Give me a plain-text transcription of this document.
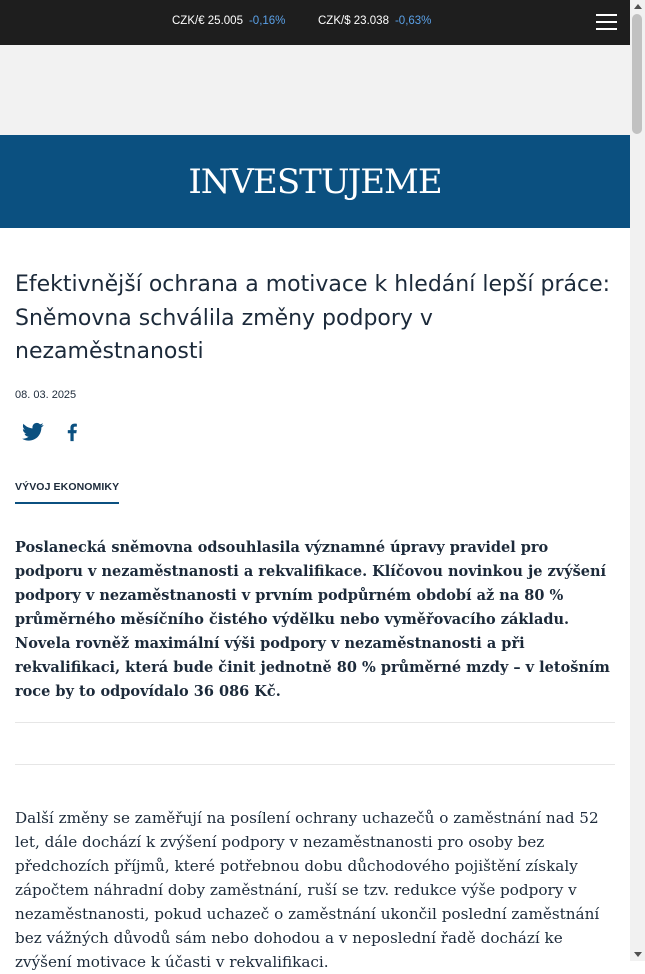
CZK/€ 25.005 -0,16%	CZK/$ 23.038 -0,63%
INVESTUJEME
Efektivnější ochrana a motivace k hledání lepší práce: Sněmovna schválila změny podpory v nezaměstnanosti
08. 03. 2025
VÝVOJ EKONOMIKY

Poslanecká sněmovna odsouhlasila významné úpravy pravidel pro podporu v nezaměstnanosti a rekvalifikace. Klíčovou novinkou je zvýšení podpory v nezaměstnanosti v prvním podpůrném období až na 80 % průměrného měsíčního čistého výdělku nebo vyměřovacího základu. Novela rovněž maximální výši podpory v nezaměstnanosti a při rekvalifikaci, která bude činit jednotně 80 % průměrné mzdy – v letošním roce by to odpovídalo 36 086 Kč.

Další změny se zaměřují na posílení ochrany uchazečů o zaměstnání nad 52 let, dále dochází k zvýšení podpory v nezaměstnanosti pro osoby bez předchozích příjmů, které potřebnou dobu důchodového pojištění získaly zápočtem náhradní doby zaměstnání, ruší se tzv. redukce výše podpory v nezaměstnanosti, pokud uchazeč o zaměstnání ukončil poslední zaměstnání bez vážných důvodů sám nebo dohodou a v neposlední řadě dochází ke zvýšení motivace k účasti v rekvalifikaci.
